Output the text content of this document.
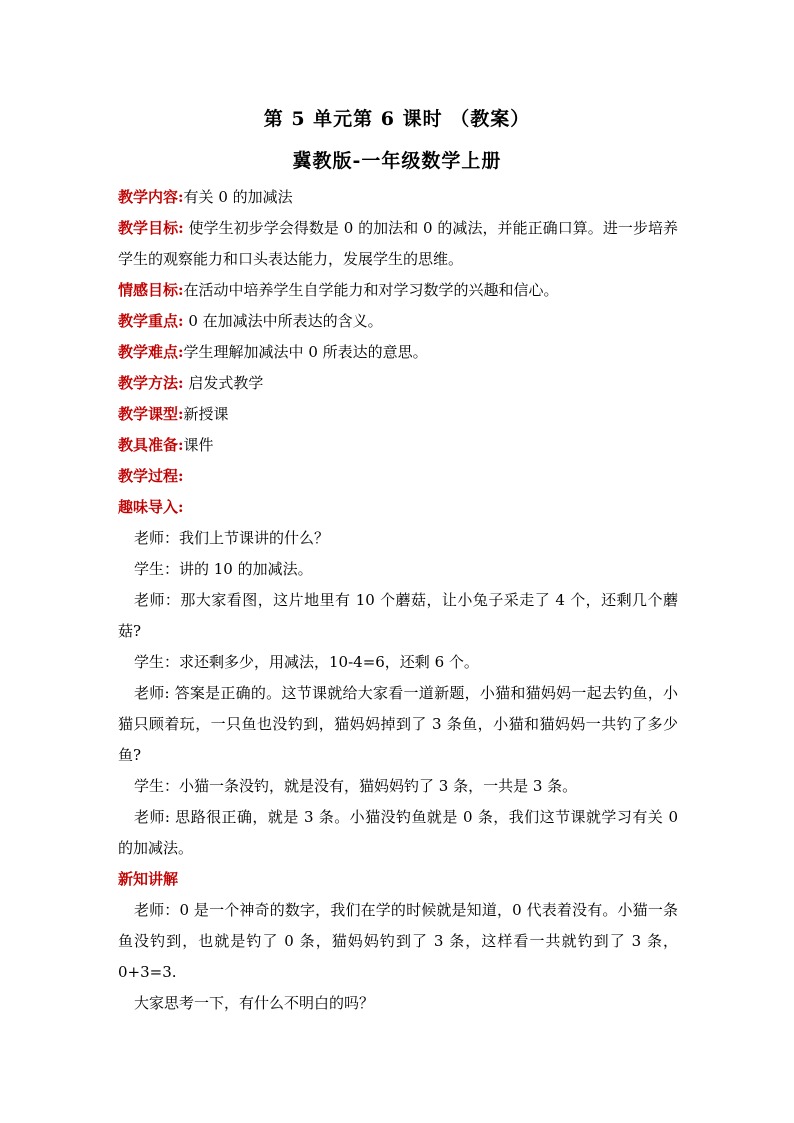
第 5 单元第 6 课时 （教案）
冀教版-一年级数学上册

教学内容:有关 0 的加减法

教学目标: 使学生初步学会得数是 0 的加法和 0 的减法，并能正确口算。进一步培养学生的观察能力和口头表达能力，发展学生的思维。

情感目标:在活动中培养学生自学能力和对学习数学的兴趣和信心。

教学重点: 0 在加减法中所表达的含义。

教学难点:学生理解加减法中 0 所表达的意思。

教学方法: 启发式教学

教学课型:新授课

教具准备:课件

教学过程:

趣味导入:

老师：我们上节课讲的什么？

学生：讲的 10 的加减法。

老师：那大家看图，这片地里有 10 个蘑菇，让小兔子采走了 4 个，还剩几个蘑菇?

学生：求还剩多少，用减法，10-4=6，还剩 6 个。

老师: 答案是正确的。这节课就给大家看一道新题，小猫和猫妈妈一起去钓鱼，小猫只顾着玩，一只鱼也没钓到，猫妈妈掉到了 3 条鱼，小猫和猫妈妈一共钓了多少鱼?

学生：小猫一条没钓，就是没有，猫妈妈钓了 3 条，一共是 3 条。

老师: 思路很正确，就是 3 条。小猫没钓鱼就是 0 条，我们这节课就学习有关 0 的加减法。

新知讲解

老师：0 是一个神奇的数字，我们在学的时候就是知道，0 代表着没有。小猫一条鱼没钓到，也就是钓了 0 条，猫妈妈钓到了 3 条，这样看一共就钓到了 3 条，0+3=3.

大家思考一下，有什么不明白的吗？
